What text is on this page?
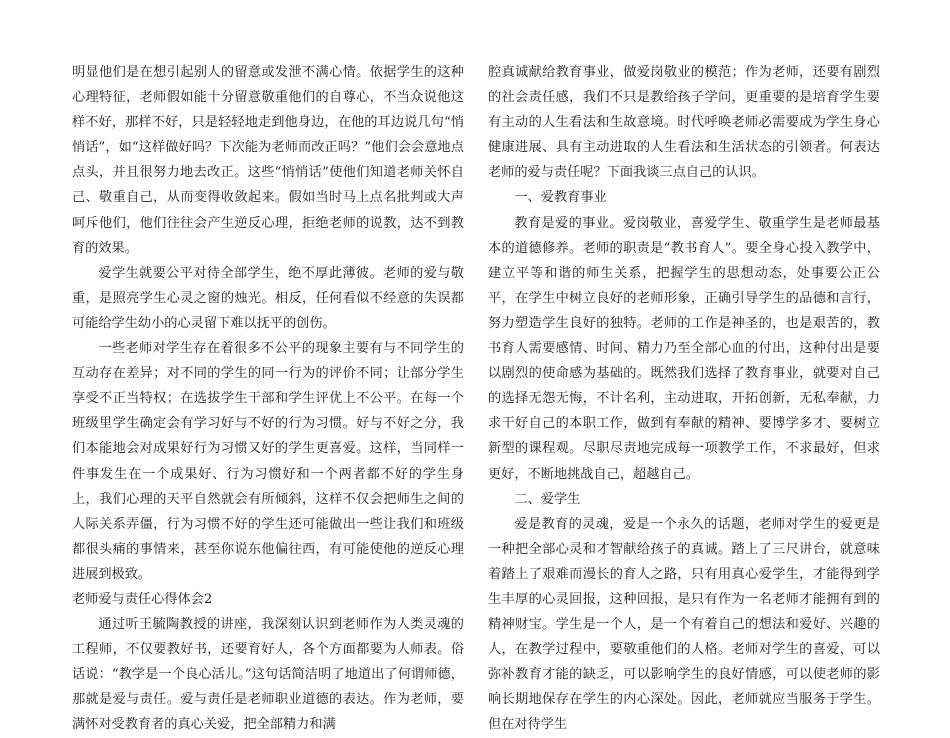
明显他们是在想引起别人的留意或发泄不满心情。依据学生的这种心理特征，老师假如能十分留意敬重他们的自尊心，不当众说他这样不好，那样不好，只是轻轻地走到他身边，在他的耳边说几句“悄悄话”，如“这样做好吗？下次能为老师而改正吗？”他们会会意地点点头，并且很努力地去改正。这些“悄悄话”使他们知道老师关怀自己、敬重自己，从而变得收敛起来。假如当时马上点名批判或大声呵斥他们，他们往往会产生逆反心理，拒绝老师的说教，达不到教育的效果。

爱学生就要公平对待全部学生，绝不厚此薄彼。老师的爱与敬重，是照亮学生心灵之窗的烛光。相反，任何看似不经意的失误都可能给学生幼小的心灵留下难以抚平的创伤。

一些老师对学生存在着很多不公平的现象主要有与不同学生的互动存在差异；对不同的学生的同一行为的评价不同；让部分学生享受不正当特权；在选拔学生干部和学生评优上不公平。在每一个班级里学生确定会有学习好与不好的行为习惯。好与不好之分，我们本能地会对成果好行为习惯又好的学生更喜爱。这样，当同样一件事发生在一个成果好、行为习惯好和一个两者都不好的学生身上，我们心理的天平自然就会有所倾斜，这样不仅会把师生之间的人际关系弄僵，行为习惯不好的学生还可能做出一些让我们和班级都很头痛的事情来，甚至你说东他偏往西，有可能使他的逆反心理进展到极致。

老师爱与责任心得体会2

通过听王毓陶教授的讲座，我深刻认识到老师作为人类灵魂的工程师，不仅要教好书，还要育好人，各个方面都要为人师表。俗话说：“教学是一个良心活儿。”这句话简洁明了地道出了何谓师德，那就是爱与责任。爱与责任是老师职业道德的表达。作为老师，要满怀对受教育者的真心关爱，把全部精力和满

腔真诚献给教育事业，做爱岗敬业的模范；作为老师，还要有剧烈的社会责任感，我们不只是教给孩子学问，更重要的是培育学生要有主动的人生看法和生故意境。时代呼唤老师必需要成为学生身心健康进展、具有主动进取的人生看法和生活状态的引领者。何表达老师的爱与责任呢？下面我谈三点自己的认识。

一、爱教育事业

教育是爱的事业。爱岗敬业，喜爱学生、敬重学生是老师最基本的道德修养。老师的职责是“教书育人”。要全身心投入教学中，建立平等和谐的师生关系，把握学生的思想动态，处事要公正公平，在学生中树立良好的老师形象，正确引导学生的品德和言行，努力塑造学生良好的独特。老师的工作是神圣的，也是艰苦的，教书育人需要感情、时间、精力乃至全部心血的付出，这种付出是要以剧烈的使命感为基础的。既然我们选择了教育事业，就要对自己的选择无怨无悔，不计名利，主动进取，开拓创新，无私奉献，力求干好自己的本职工作，做到有奉献的精神、要博学多才、要树立新型的课程观。尽职尽责地完成每一项教学工作，不求最好，但求更好，不断地挑战自己，超越自己。

二、爱学生

爱是教育的灵魂，爱是一个永久的话题，老师对学生的爱更是一种把全部心灵和才智献给孩子的真诚。踏上了三尺讲台，就意味着踏上了艰难而漫长的育人之路，只有用真心爱学生，才能得到学生丰厚的心灵回报，这种回报，是只有作为一名老师才能拥有到的精神财宝。学生是一个人，是一个有着自己的想法和爱好、兴趣的人，在教学过程中，要敬重他们的人格。老师对学生的喜爱，可以弥补教育才能的缺乏，可以影响学生的良好情感，可以使老师的影响长期地保存在学生的内心深处。因此，老师就应当服务于学生。但在对待学生
